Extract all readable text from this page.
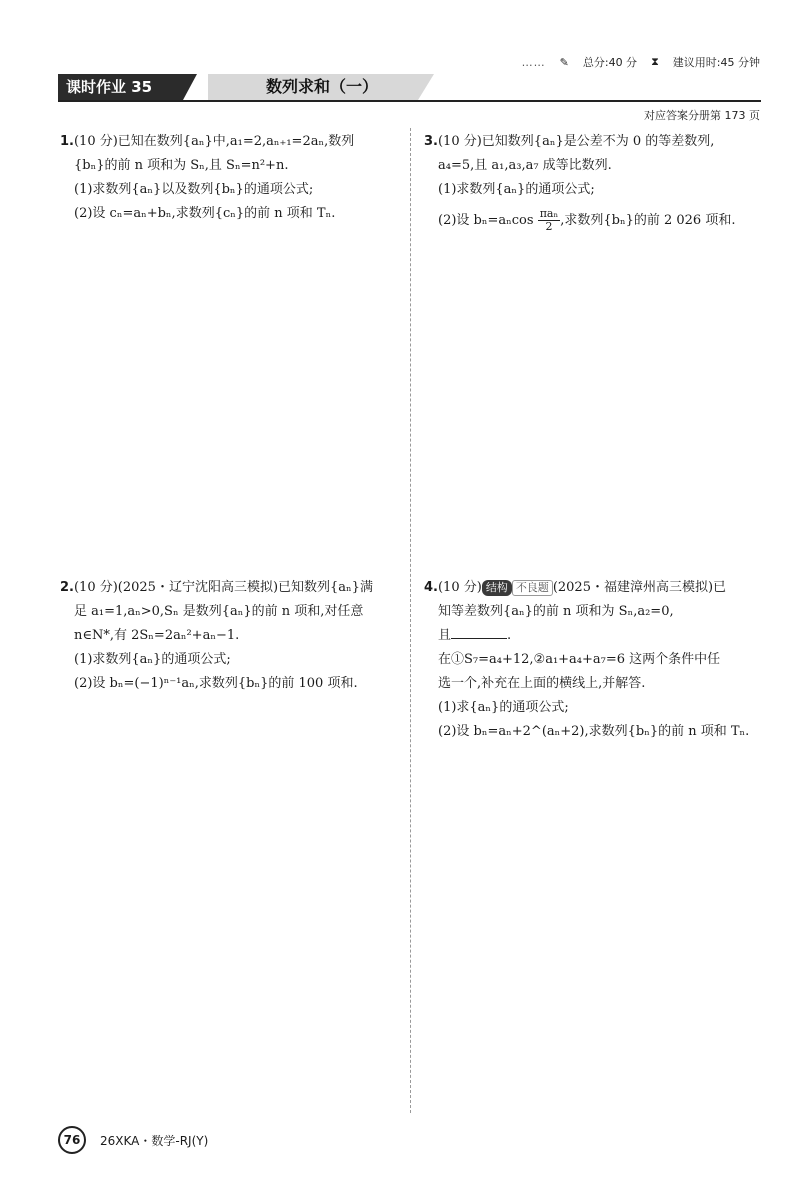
…… ✎ 总分:40 分 ⧗ 建议用时:45 分钟
课时作业 35	数列求和（一）
对应答案分册第 173 页

1.(10 分)已知在数列{aₙ}中,a₁=2,aₙ₊₁=2aₙ,数列

{bₙ}的前 n 项和为 Sₙ,且 Sₙ=n²+n.

(1)求数列{aₙ}以及数列{bₙ}的通项公式;

(2)设 cₙ=aₙ+bₙ,求数列{cₙ}的前 n 项和 Tₙ.

2.(10 分)(2025・辽宁沈阳高三模拟)已知数列{aₙ}满

足 a₁=1,aₙ>0,Sₙ 是数列{aₙ}的前 n 项和,对任意

n∈N*,有 2Sₙ=2aₙ²+aₙ−1.

(1)求数列{aₙ}的通项公式;

(2)设 bₙ=(−1)ⁿ⁻¹aₙ,求数列{bₙ}的前 100 项和.

3.(10 分)已知数列{aₙ}是公差不为 0 的等差数列,

a₄=5,且 a₁,a₃,a₇ 成等比数列.

(1)求数列{aₙ}的通项公式;

(2)设 $b_n=a_n\cos \frac{\text{πaₙ}}{2}$ ,求数列{bₙ}的前 2 026 项和.

4.(10 分) 结构 不良题 (2025・福建漳州高三模拟)已

知等差数列{aₙ}的前 n 项和为 Sₙ,a₂=0,

且	.

在①S₇=a₄+12,②a₁+a₄+a₇=6 这两个条件中任

选一个,补充在上面的横线上,并解答.

(1)求{aₙ}的通项公式;

(2)设 bₙ=aₙ+2^(aₙ+2),求数列{bₙ}的前 n 项和 Tₙ.

76	26XKA・数学-RJ(Y)
